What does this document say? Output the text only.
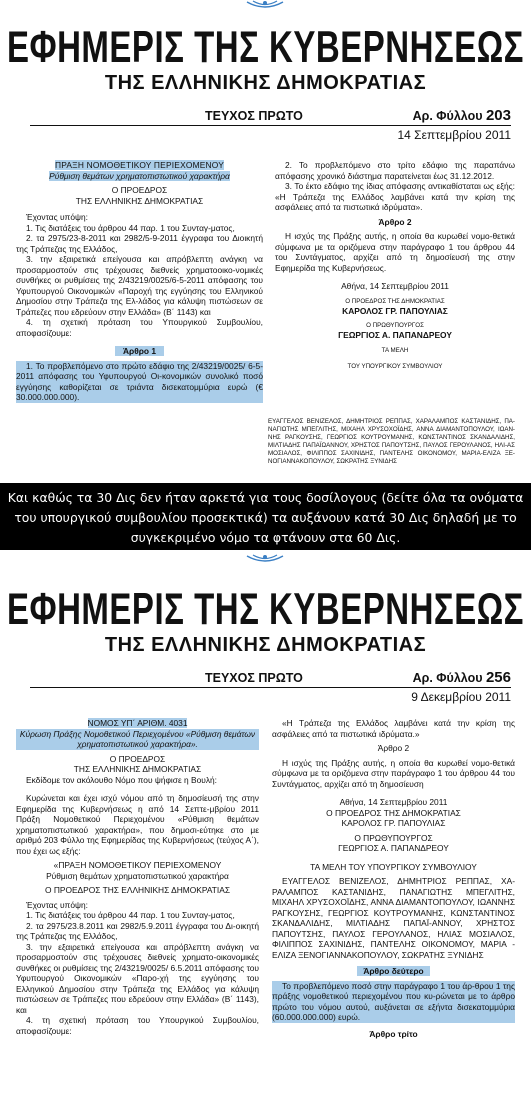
ΕΦΗΜΕΡΙΣ ΤΗΣ ΚΥΒΕΡΝΗΣΕΩΣ
ΤΗΣ ΕΛΛΗΝΙΚΗΣ ΔΗΜΟΚΡΑΤΙΑΣ
ΤΕΥΧΟΣ ΠΡΩΤΟ	Αρ. Φύλλου 203
14 Σεπτεμβρίου 2011

ΠΡΑΞΗ ΝΟΜΟΘΕΤΙΚΟΥ ΠΕΡΙΕΧΟΜΕΝΟΥ

Ρύθμιση θεμάτων χρηματοπιστωτικού χαρακτήρα

Ο ΠΡΟΕΔΡΟΣ

ΤΗΣ ΕΛΛΗΝΙΚΗΣ ΔΗΜΟΚΡΑΤΙΑΣ

Έχοντας υπόψη:

1. Τις διατάξεις του άρθρου 44 παρ. 1 του Συνταγ-ματος,

2. τα 2975/23-8-2011 και 2982/5-9-2011 έγγραφα του Διοικητή της Τράπεζας της Ελλάδος,

3. την εξαιρετικά επείγουσα και απρόβλεπτη ανάγκη να προσαρμοστούν στις τρέχουσες διεθνείς χρηματοοικο-νομικές συνθήκες οι ρυθμίσεις της 2/43219/0025/6-5-2011 απόφασης του Υφυπουργού Οικονομικών «Παροχή της εγγύησης του Ελληνικού Δημοσίου στην Τράπεζα της Ελ-λάδος για κάλυψη πιστώσεων σε Τράπεζες που εδρεύουν στην Ελλάδα» (Β΄ 1143) και

4. τη σχετική πρόταση του Υπουργικού Συμβουλίου, αποφασίζουμε:

Άρθρο 1

1. Το προβλεπόμενο στο πρώτο εδάφιο της 2/43219/0025/ 6-5-2011 απόφασης του Υφυπουργού Οι-κονομικών συνολικό ποσό εγγύησης καθορίζεται σε τριάντα δισεκατομμύρια ευρώ (€ 30.000.000.000).

2. Το προβλεπόμενο στο τρίτο εδάφιο της παραπάνω απόφασης χρονικό διάστημα παρατείνεται έως 31.12.2012.

3. Το έκτο εδάφιο της ίδιας απόφασης αντικαθίσταται ως εξής: «Η Τράπεζα της Ελλάδος λαμβάνει κατά την κρίση της ασφάλειες από τα πιστωτικά ιδρύματα».

Άρθρο 2

Η ισχύς της Πράξης αυτής, η οποία θα κυρωθεί νομο-θετικά σύμφωνα με τα οριζόμενα στην παράγραφο 1 του άρθρου 44 του Συντάγματος, αρχίζει από τη δημοσίευσή της στην Εφημερίδα της Κυβερνήσεως.

Αθήνα, 14 Σεπτεμβρίου 2011

Ο ΠΡΟΕΔΡΟΣ ΤΗΣ ΔΗΜΟΚΡΑΤΙΑΣ

ΚΑΡΟΛΟΣ ΓΡ. ΠΑΠΟΥΛΙΑΣ

Ο ΠΡΩΘΥΠΟΥΡΓΟΣ

ΓΕΩΡΓΙΟΣ Α. ΠΑΠΑΝΔΡΕΟΥ

ΤΑ ΜΕΛΗ

ΤΟΥ ΥΠΟΥΡΓΙΚΟΥ ΣΥΜΒΟΥΛΙΟΥ

ΕΥΑΓΓΕΛΟΣ ΒΕΝΙΖΕΛΟΣ, ΔΗΜΗΤΡΙΟΣ ΡΕΠΠΑΣ, ΧΑΡΑΛΑΜΠΟΣ ΚΑΣΤΑΝΙΔΗΣ, ΠΑ-ΝΑΓΙΩΤΗΣ ΜΠΕΓΛΙΤΗΣ, ΜΙΧΑΗΛ ΧΡΥΣΟΧΟΪΔΗΣ, ΑΝΝΑ ΔΙΑΜΑΝΤΟΠΟΥΛΟΥ, ΙΩΑΝ-ΝΗΣ ΡΑΓΚΟΥΣΗΣ, ΓΕΩΡΓΙΟΣ ΚΟΥΤΡΟΥΜΑΝΗΣ, ΚΩΝΣΤΑΝΤΙΝΟΣ ΣΚΑΝΔΑΛΙΔΗΣ, ΜΙΛΤΙΑΔΗΣ ΠΑΠΑΪΩΑΝΝΟΥ, ΧΡΗΣΤΟΣ ΠΑΠΟΥΤΣΗΣ, ΠΑΥΛΟΣ ΓΕΡΟΥΛΑΝΟΣ, ΗΛΙ-ΑΣ ΜΟΣΙΑΛΟΣ, ΦΙΛΙΠΠΟΣ ΣΑΧΙΝΙΔΗΣ, ΠΑΝΤΕΛΗΣ ΟΙΚΟΝΟΜΟΥ, ΜΑΡΙΑ-ΕΛΙΖΑ ΞΕ-ΝΟΓΙΑΝΝΑΚΟΠΟΥΛΟΥ, ΣΩΚΡΑΤΗΣ ΞΥΝΙΔΗΣ
Και καθώς τα 30 Δις δεν ήταν αρκετά για τους δοσίλογους (δείτε όλα τα ονόματα του υπουργικού συμβουλίου προσεκτικά) τα αυξάνουν κατά 30 Δις δηλαδή με το συγκεκριμένο νόμο τα φτάνουν στα 60 Δις.
ΕΦΗΜΕΡΙΣ ΤΗΣ ΚΥΒΕΡΝΗΣΕΩΣ
ΤΗΣ ΕΛΛΗΝΙΚΗΣ ΔΗΜΟΚΡΑΤΙΑΣ
ΤΕΥΧΟΣ ΠΡΩΤΟ	Αρ. Φύλλου 256
9 Δεκεμβρίου 2011

ΝΟΜΟΣ ΥΠ΄ ΑΡΙΘΜ. 4031

Κύρωση Πράξης Νομοθετικού Περιεχομένου «Ρύθμιση θεμάτων χρηματοπιστωτικού χαρακτήρα».

Ο ΠΡΟΕΔΡΟΣ

ΤΗΣ ΕΛΛΗΝΙΚΗΣ ΔΗΜΟΚΡΑΤΙΑΣ

Εκδίδομε τον ακόλουθο Νόμο που ψήφισε η Βουλή:

Κυρώνεται και έχει ισχύ νόμου από τη δημοσίευσή της στην Εφημερίδα της Κυβερνήσεως η από 14 Σεπτε-μβρίου 2011 Πράξη Νομοθετικού Περιεχομένου «Ρύθμιση θεμάτων χρηματοπιστωτικού χαρακτήρα», που δημοσι-εύτηκε στο με αριθμό 203 Φύλλο της Εφημερίδας της Κυβερνήσεως (τεύχος Α΄), που έχει ως εξής:

«ΠΡΑΞΗ ΝΟΜΟΘΕΤΙΚΟΥ ΠΕΡΙΕΧΟΜΕΝΟΥ

Ρύθμιση θεμάτων χρηματοπιστωτικού χαρακτήρα

Ο ΠΡΟΕΔΡΟΣ ΤΗΣ ΕΛΛΗΝΙΚΗΣ ΔΗΜΟΚΡΑΤΙΑΣ

Έχοντας υπόψη:

1. Τις διατάξεις του άρθρου 44 παρ. 1 του Συνταγ-ματος,

2. τα 2975/23.8.2011 και 2982/5.9.2011 έγγραφα του Δι-οικητή της Τράπεζας της Ελλάδος,

3. την εξαιρετικά επείγουσα και απρόβλεπτη ανάγκη να προσαρμοστούν στις τρέχουσες διεθνείς χρηματο-οικονομικές συνθήκες οι ρυθμίσεις της 2/43219/0025/ 6.5.2011 απόφασης του Υφυπουργού Οικονομικών «Παρο-χή της εγγύησης του Ελληνικού Δημοσίου στην Τράπεζα της Ελλάδος για κάλυψη πιστώσεων σε Τράπεζες που εδρεύουν στην Ελλάδα» (Β΄ 1143), και

4. τη σχετική πρόταση του Υπουργικού Συμβουλίου, αποφασίζουμε:

«Η Τράπεζα της Ελλάδος λαμβάνει κατά την κρίση της ασφάλειες από τα πιστωτικά ιδρύματα.»

Άρθρο 2

Η ισχύς της Πράξης αυτής, η οποία θα κυρωθεί νομο-θετικά σύμφωνα με τα οριζόμενα στην παράγραφο 1 του άρθρου 44 του Συντάγματος, αρχίζει από τη δημοσίευση

Αθήνα, 14 Σεπτεμβρίου 2011

Ο ΠΡΟΕΔΡΟΣ ΤΗΣ ΔΗΜΟΚΡΑΤΙΑΣ

ΚΑΡΟΛΟΣ ΓΡ. ΠΑΠΟΥΛΙΑΣ

Ο ΠΡΩΘΥΠΟΥΡΓΟΣ

ΓΕΩΡΓΙΟΣ Α. ΠΑΠΑΝΔΡΕΟΥ

ΤΑ ΜΕΛΗ ΤΟΥ ΥΠΟΥΡΓΙΚΟΥ ΣΥΜΒΟΥΛΙΟΥ

ΕΥΑΓΓΕΛΟΣ ΒΕΝΙΖΕΛΟΣ, ΔΗΜΗΤΡΙΟΣ ΡΕΠΠΑΣ, ΧΑ-ΡΑΛΑΜΠΟΣ ΚΑΣΤΑΝΙΔΗΣ, ΠΑΝΑΓΙΩΤΗΣ ΜΠΕΓΛΙΤΗΣ, ΜΙΧΑΗΛ ΧΡΥΣΟΧΟΪΔΗΣ, ΑΝΝΑ ΔΙΑΜΑΝΤΟΠΟΥΛΟΥ, ΙΩΑΝΝΗΣ ΡΑΓΚΟΥΣΗΣ, ΓΕΩΡΓΙΟΣ ΚΟΥΤΡΟΥΜΑΝΗΣ, ΚΩΝΣΤΑΝΤΙΝΟΣ ΣΚΑΝΔΑΛΙΔΗΣ, ΜΙΛΤΙΑΔΗΣ ΠΑΠΑΪ-ΑΝΝΟΥ, ΧΡΗΣΤΟΣ ΠΑΠΟΥΤΣΗΣ, ΠΑΥΛΟΣ ΓΕΡΟΥΛΑΝΟΣ, ΗΛΙΑΣ ΜΟΣΙΑΛΟΣ, ΦΙΛΙΠΠΟΣ ΣΑΧΙΝΙΔΗΣ, ΠΑΝΤΕΛΗΣ ΟΙΚΟΝΟΜΟΥ, ΜΑΡΙΑ - ΕΛΙΖΑ ΞΕΝΟΓΙΑΝΝΑΚΟΠΟΥΛΟΥ, ΣΩΚΡΑΤΗΣ ΞΥΝΙΔΗΣ

Άρθρο δεύτερο

Το προβλεπόμενο ποσό στην παράγραφο 1 του άρ-θρου 1 της πράξης νομοθετικού περιεχομένου που κυ-ρώνεται με το άρθρο πρώτο του νόμου αυτού, αυξάνεται σε εξήντα δισεκατομμύρια (60.000.000.000) ευρώ.

Άρθρο τρίτο
